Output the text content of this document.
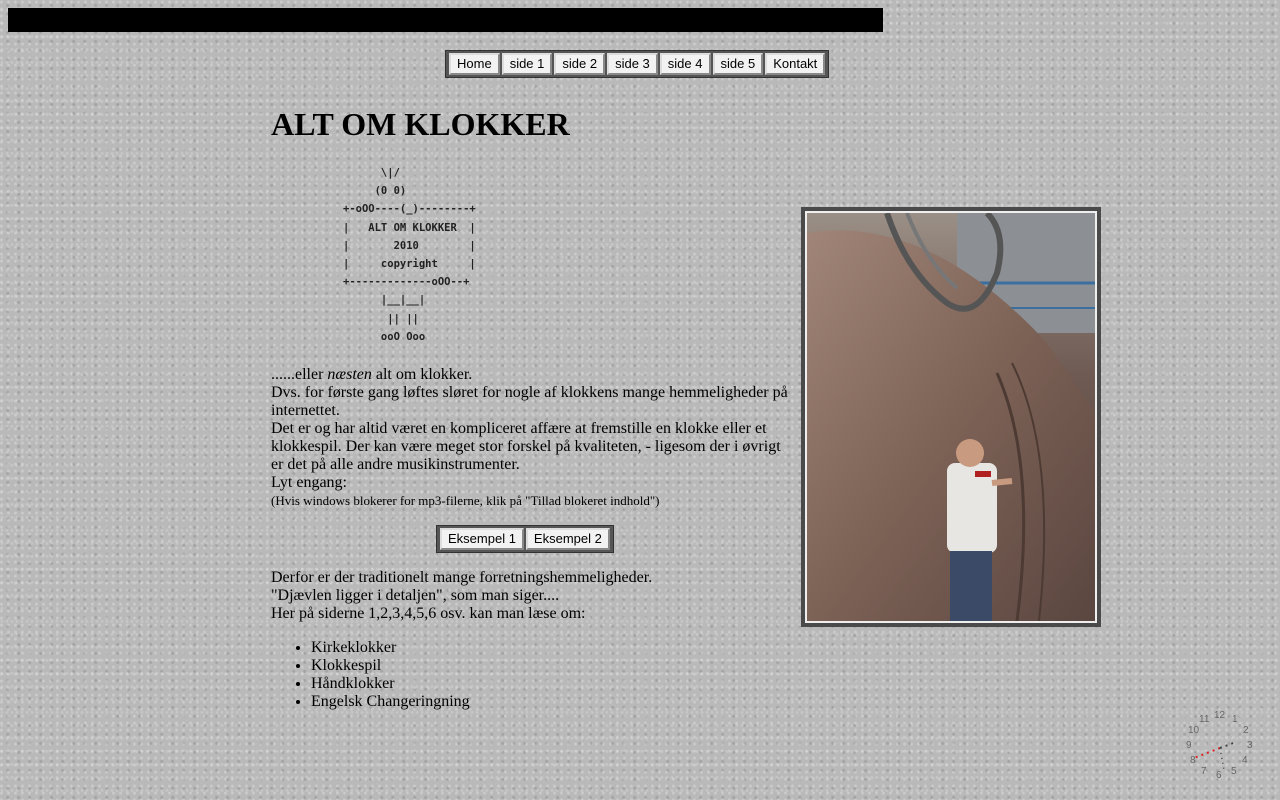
Home	side 1	side 2	side 3	side 4	side 5	Kontakt
ALT OM KLOKKER
\|/
(0 0)
+-oOO----(_)--------+
|   ALT OM KLOKKER  |
|       2010        |
|     copyright     |
+-------------oOO--+
|__|__|
|| ||
ooO Ooo

......eller næsten alt om klokker.

Dvs. for første gang løftes sløret for nogle af klokkens mange hemmeligheder på internettet.

Det er og har altid været en kompliceret affære at fremstille en klokke eller et klokkespil. Der kan være meget stor forskel på kvaliteten, - ligesom der i øvrigt er det på alle andre musikinstrumenter.

Lyt engang:

(Hvis windows blokerer for mp3-filerne, klik på "Tillad blokeret indhold")

Eksempel 1	Eksempel 2

Derfor er der traditionelt mange forretningshemmeligheder.

"Djævlen ligger i detaljen", som man siger....

Her på siderne 1,2,3,4,5,6 osv. kan man læse om:

• Kirkeklokker
• Klokkespil
• Håndklokker
• Engelsk Changeringning
12 1
2
3
4
5
6
7
8
9
10
11
